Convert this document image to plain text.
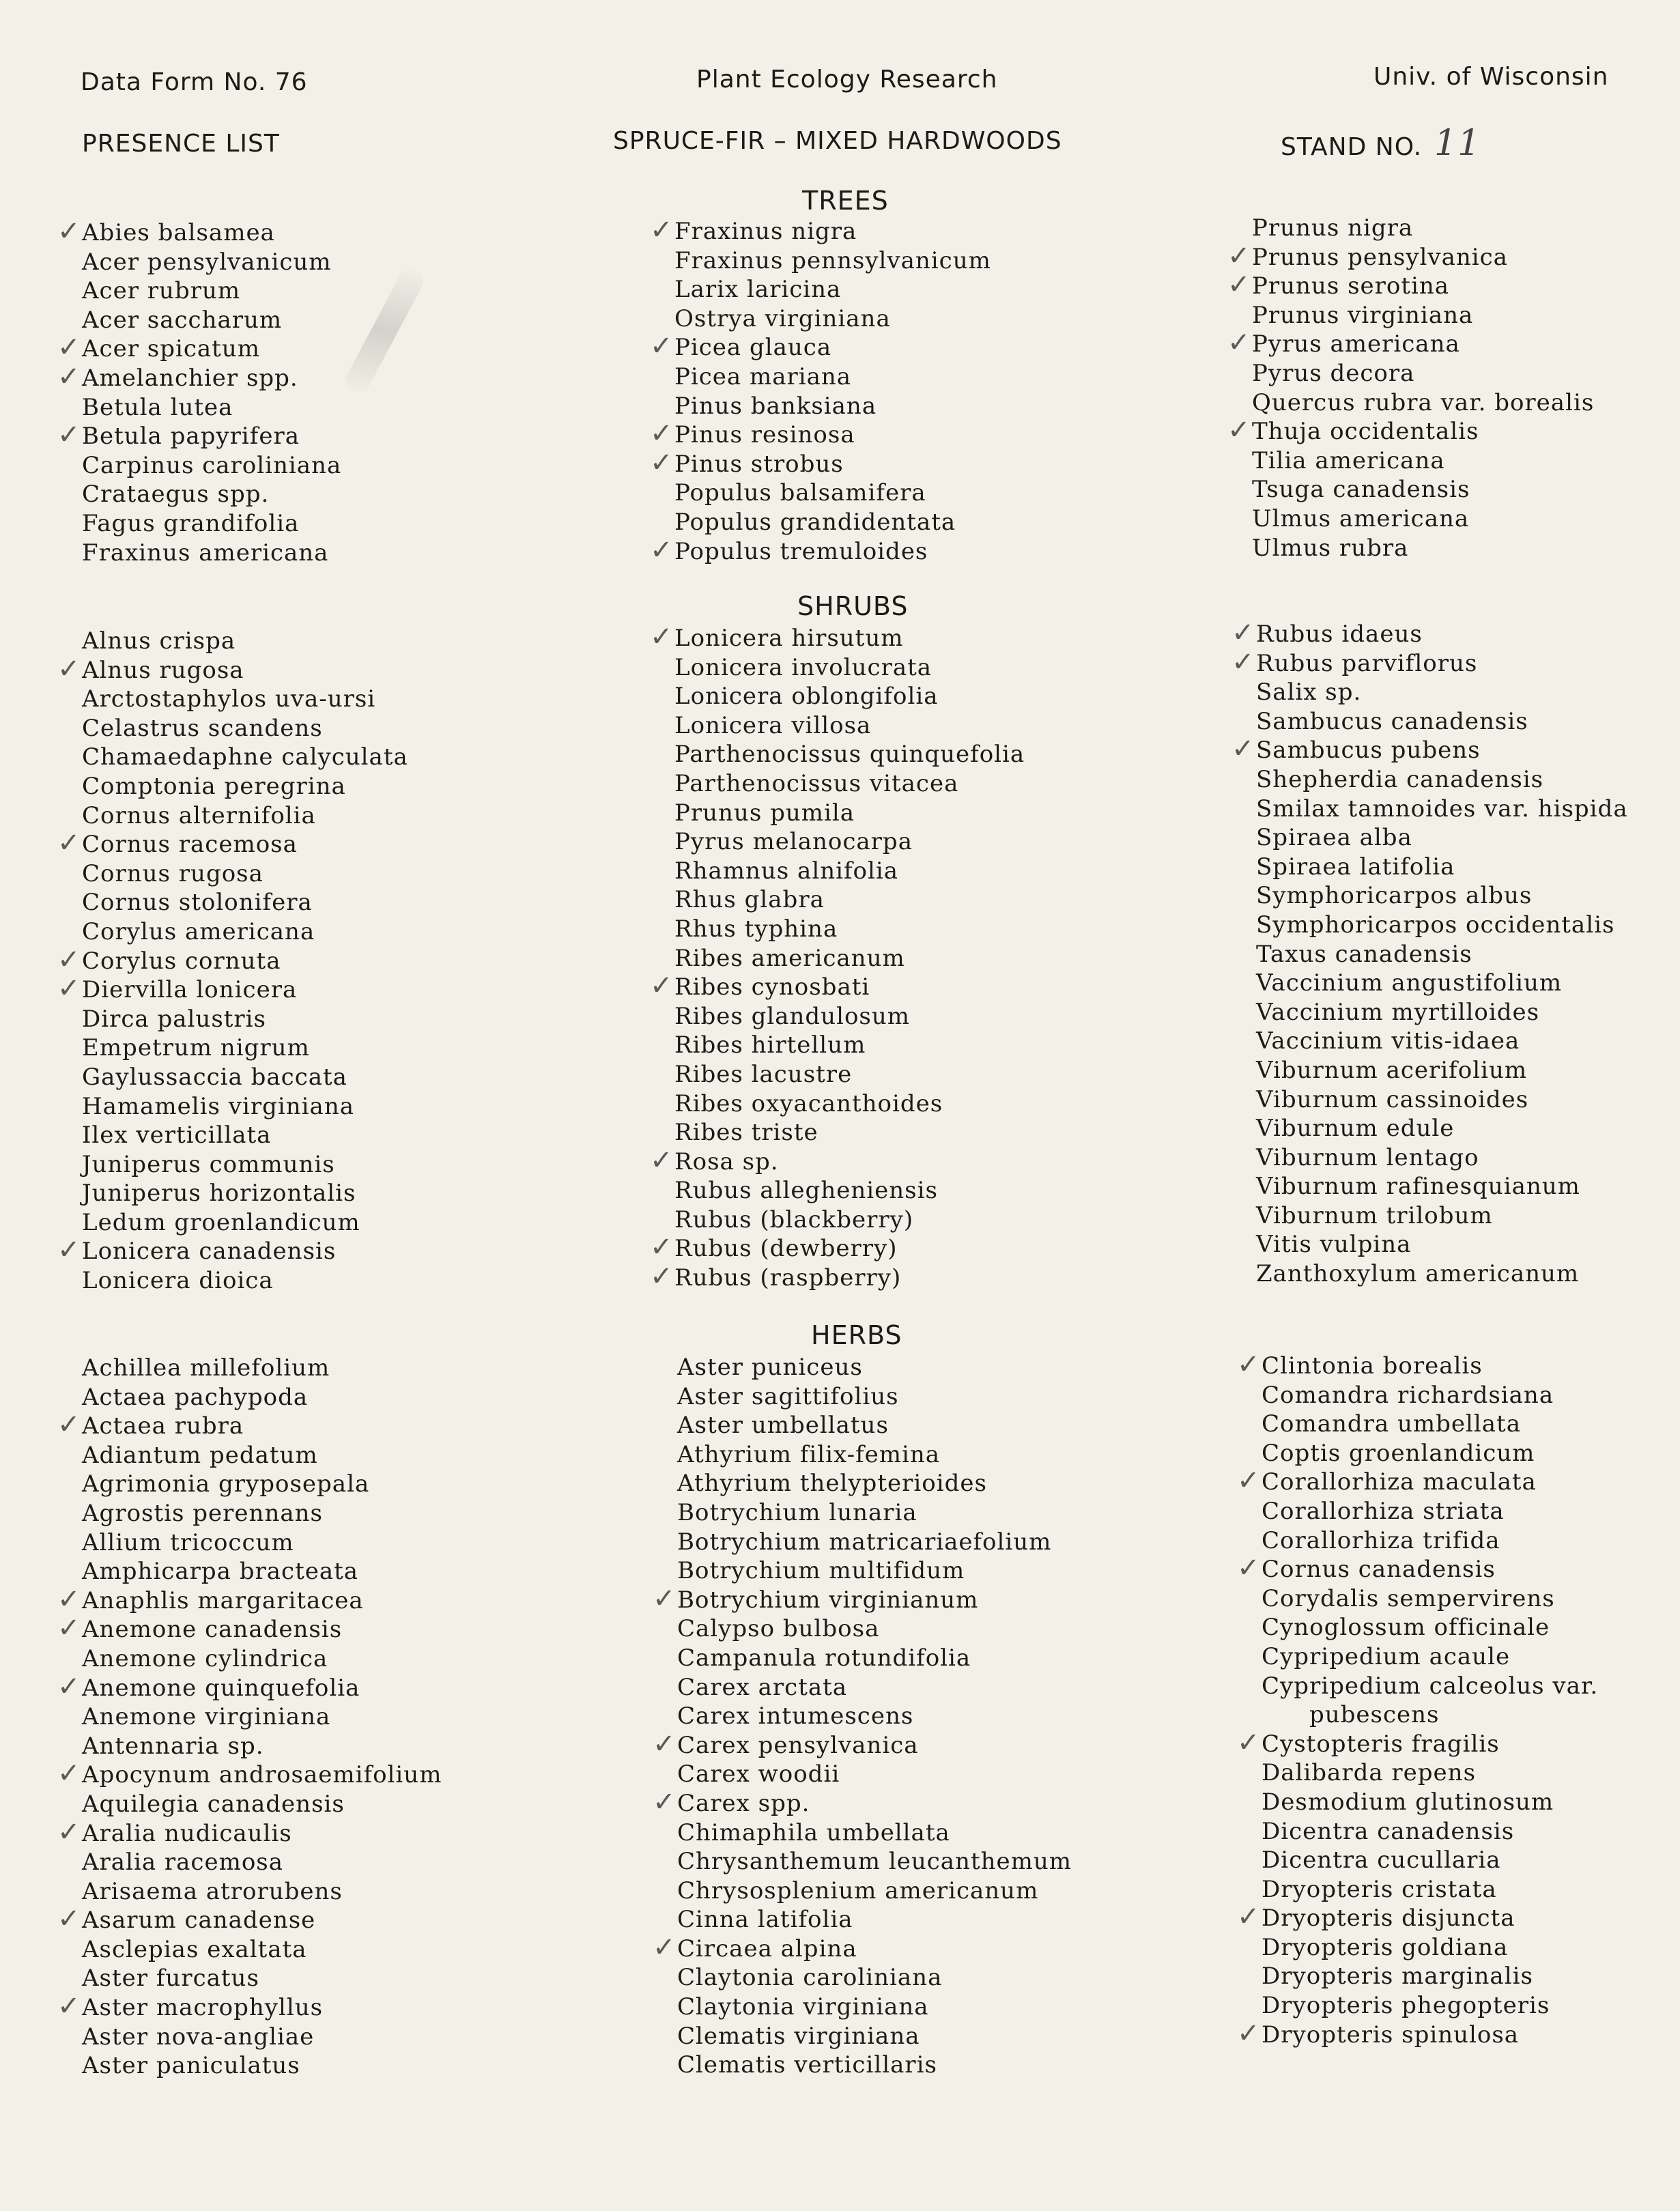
Data Form No. 76	Plant Ecology Research	Univ. of Wisconsin
PRESENCE LIST	SPRUCE-FIR – MIXED HARDWOODS	STAND NO. 11
TREES
✓ Abies balsamea
Acer pensylvanicum
Acer rubrum
Acer saccharum
✓ Acer spicatum
✓ Amelanchier spp.
Betula lutea
✓ Betula papyrifera
Carpinus caroliniana
Crataegus spp.
Fagus grandifolia
Fraxinus americana
✓ Fraxinus nigra
Fraxinus pennsylvanicum
Larix laricina
Ostrya virginiana
✓ Picea glauca
Picea mariana
Pinus banksiana
✓ Pinus resinosa
✓ Pinus strobus
Populus balsamifera
Populus grandidentata
✓ Populus tremuloides
Prunus nigra
✓ Prunus pensylvanica
✓ Prunus serotina
Prunus virginiana
✓ Pyrus americana
Pyrus decora
Quercus rubra var. borealis
✓ Thuja occidentalis
Tilia americana
Tsuga canadensis
Ulmus americana
Ulmus rubra
SHRUBS
Alnus crispa
✓ Alnus rugosa
Arctostaphylos uva-ursi
Celastrus scandens
Chamaedaphne calyculata
Comptonia peregrina
Cornus alternifolia
✓ Cornus racemosa
Cornus rugosa
Cornus stolonifera
Corylus americana
✓ Corylus cornuta
✓ Diervilla lonicera
Dirca palustris
Empetrum nigrum
Gaylussaccia baccata
Hamamelis virginiana
Ilex verticillata
Juniperus communis
Juniperus horizontalis
Ledum groenlandicum
✓ Lonicera canadensis
Lonicera dioica
✓ Lonicera hirsutum
Lonicera involucrata
Lonicera oblongifolia
Lonicera villosa
Parthenocissus quinquefolia
Parthenocissus vitacea
Prunus pumila
Pyrus melanocarpa
Rhamnus alnifolia
Rhus glabra
Rhus typhina
Ribes americanum
✓ Ribes cynosbati
Ribes glandulosum
Ribes hirtellum
Ribes lacustre
Ribes oxyacanthoides
Ribes triste
✓ Rosa sp.
Rubus allegheniensis
Rubus (blackberry)
✓ Rubus (dewberry)
✓ Rubus (raspberry)
✓ Rubus idaeus
✓ Rubus parviflorus
Salix sp.
Sambucus canadensis
✓ Sambucus pubens
Shepherdia canadensis
Smilax tamnoides var. hispida
Spiraea alba
Spiraea latifolia
Symphoricarpos albus
Symphoricarpos occidentalis
Taxus canadensis
Vaccinium angustifolium
Vaccinium myrtilloides
Vaccinium vitis-idaea
Viburnum acerifolium
Viburnum cassinoides
Viburnum edule
Viburnum lentago
Viburnum rafinesquianum
Viburnum trilobum
Vitis vulpina
Zanthoxylum americanum
HERBS
Achillea millefolium
Actaea pachypoda
✓ Actaea rubra
Adiantum pedatum
Agrimonia gryposepala
Agrostis perennans
Allium tricoccum
Amphicarpa bracteata
✓ Anaphlis margaritacea
✓ Anemone canadensis
Anemone cylindrica
✓ Anemone quinquefolia
Anemone virginiana
Antennaria sp.
✓ Apocynum androsaemifolium
Aquilegia canadensis
✓ Aralia nudicaulis
Aralia racemosa
Arisaema atrorubens
✓ Asarum canadense
Asclepias exaltata
Aster furcatus
✓ Aster macrophyllus
Aster nova-angliae
Aster paniculatus
Aster puniceus
Aster sagittifolius
Aster umbellatus
Athyrium filix-femina
Athyrium thelypterioides
Botrychium lunaria
Botrychium matricariaefolium
Botrychium multifidum
✓ Botrychium virginianum
Calypso bulbosa
Campanula rotundifolia
Carex arctata
Carex intumescens
✓ Carex pensylvanica
Carex woodii
✓ Carex spp.
Chimaphila umbellata
Chrysanthemum leucanthemum
Chrysosplenium americanum
Cinna latifolia
✓ Circaea alpina
Claytonia caroliniana
Claytonia virginiana
Clematis virginiana
Clematis verticillaris
✓ Clintonia borealis
Comandra richardsiana
Comandra umbellata
Coptis groenlandicum
✓ Corallorhiza maculata
Corallorhiza striata
Corallorhiza trifida
✓ Cornus canadensis
Corydalis sempervirens
Cynoglossum officinale
Cypripedium acaule
Cypripedium calceolus var.
pubescens
✓ Cystopteris fragilis
Dalibarda repens
Desmodium glutinosum
Dicentra canadensis
Dicentra cucullaria
Dryopteris cristata
✓ Dryopteris disjuncta
Dryopteris goldiana
Dryopteris marginalis
Dryopteris phegopteris
✓ Dryopteris spinulosa
